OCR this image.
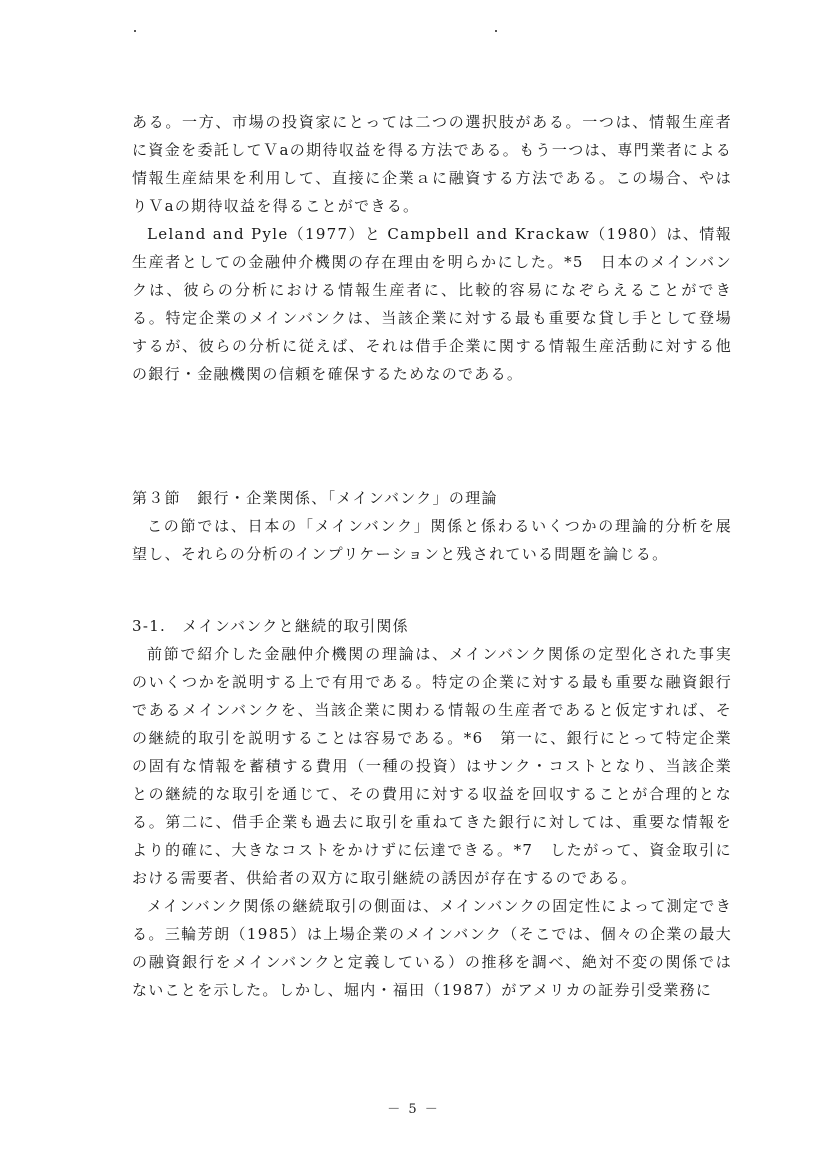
ある。一方、市場の投資家にとっては二つの選択肢がある。一つは、情報生産者に資金を委託してＶaの期待収益を得る方法である。もう一つは、専門業者による情報生産結果を利用して、直接に企業ａに融資する方法である。この場合、やはりＶaの期待収益を得ることができる。

Leland and Pyle（1977）と Campbell and Krackaw（1980）は、情報生産者としての金融仲介機関の存在理由を明らかにした。*5　日本のメインバンクは、彼らの分析における情報生産者に、比較的容易になぞらえることができる。特定企業のメインバンクは、当該企業に対する最も重要な貸し手として登場するが、彼らの分析に従えば、それは借手企業に関する情報生産活動に対する他の銀行・金融機関の信頼を確保するためなのである。

第３節　銀行・企業関係、「メインバンク」の理論

この節では、日本の「メインバンク」関係と係わるいくつかの理論的分析を展望し、それらの分析のインプリケーションと残されている問題を論じる。

3-1.　メインバンクと継続的取引関係

前節で紹介した金融仲介機関の理論は、メインバンク関係の定型化された事実のいくつかを説明する上で有用である。特定の企業に対する最も重要な融資銀行であるメインバンクを、当該企業に関わる情報の生産者であると仮定すれば、その継続的取引を説明することは容易である。*6　第一に、銀行にとって特定企業の固有な情報を蓄積する費用（一種の投資）はサンク・コストとなり、当該企業との継続的な取引を通じて、その費用に対する収益を回収することが合理的となる。第二に、借手企業も過去に取引を重ねてきた銀行に対しては、重要な情報をより的確に、大きなコストをかけずに伝達できる。*7　したがって、資金取引における需要者、供給者の双方に取引継続の誘因が存在するのである。

メインバンク関係の継続取引の側面は、メインバンクの固定性によって測定できる。三輪芳朗（1985）は上場企業のメインバンク（そこでは、個々の企業の最大の融資銀行をメインバンクと定義している）の推移を調べ、絶対不変の関係ではないことを示した。しかし、堀内・福田（1987）がアメリカの証券引受業務に

－ 5 －
